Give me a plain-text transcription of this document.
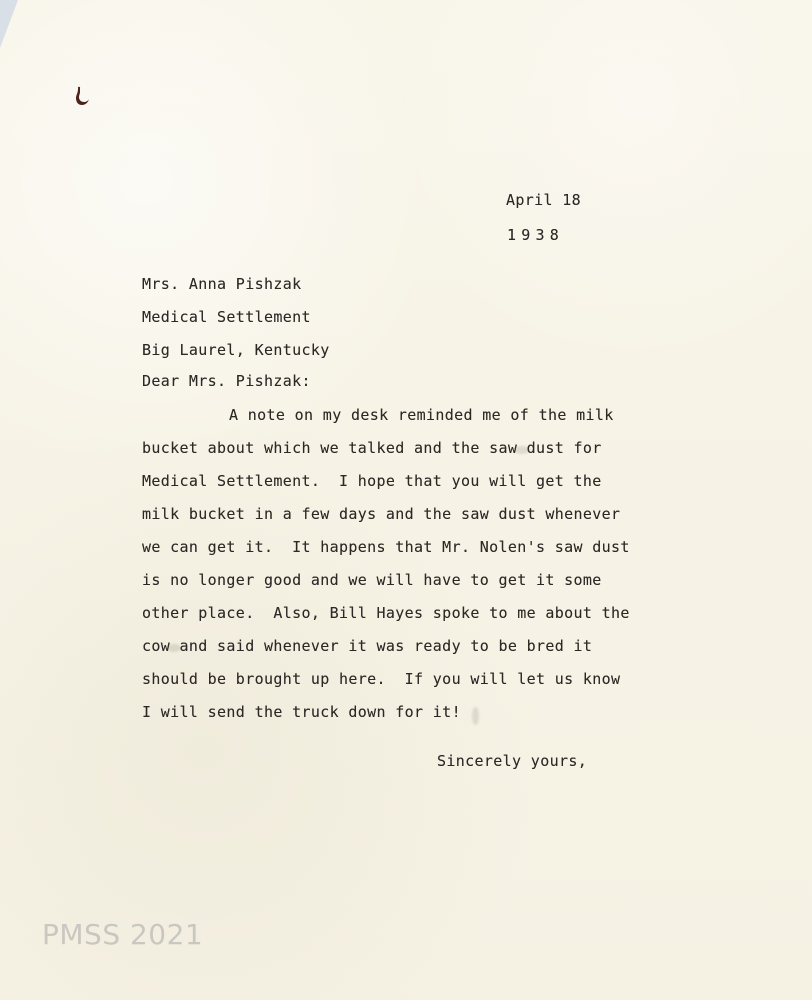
April 18
1938
Mrs. Anna Pishzak
Medical Settlement
Big Laurel, Kentucky
Dear Mrs. Pishzak:
A note on my desk reminded me of the milk
bucket about which we talked and the saw dust for
Medical Settlement.  I hope that you will get the
milk bucket in a few days and the saw dust whenever
we can get it.  It happens that Mr. Nolen's saw dust
is no longer good and we will have to get it some
other place.  Also, Bill Hayes spoke to me about the
cow and said whenever it was ready to be bred it
should be brought up here.  If you will let us know
I will send the truck down for it!
Sincerely yours,
PMSS 2021
